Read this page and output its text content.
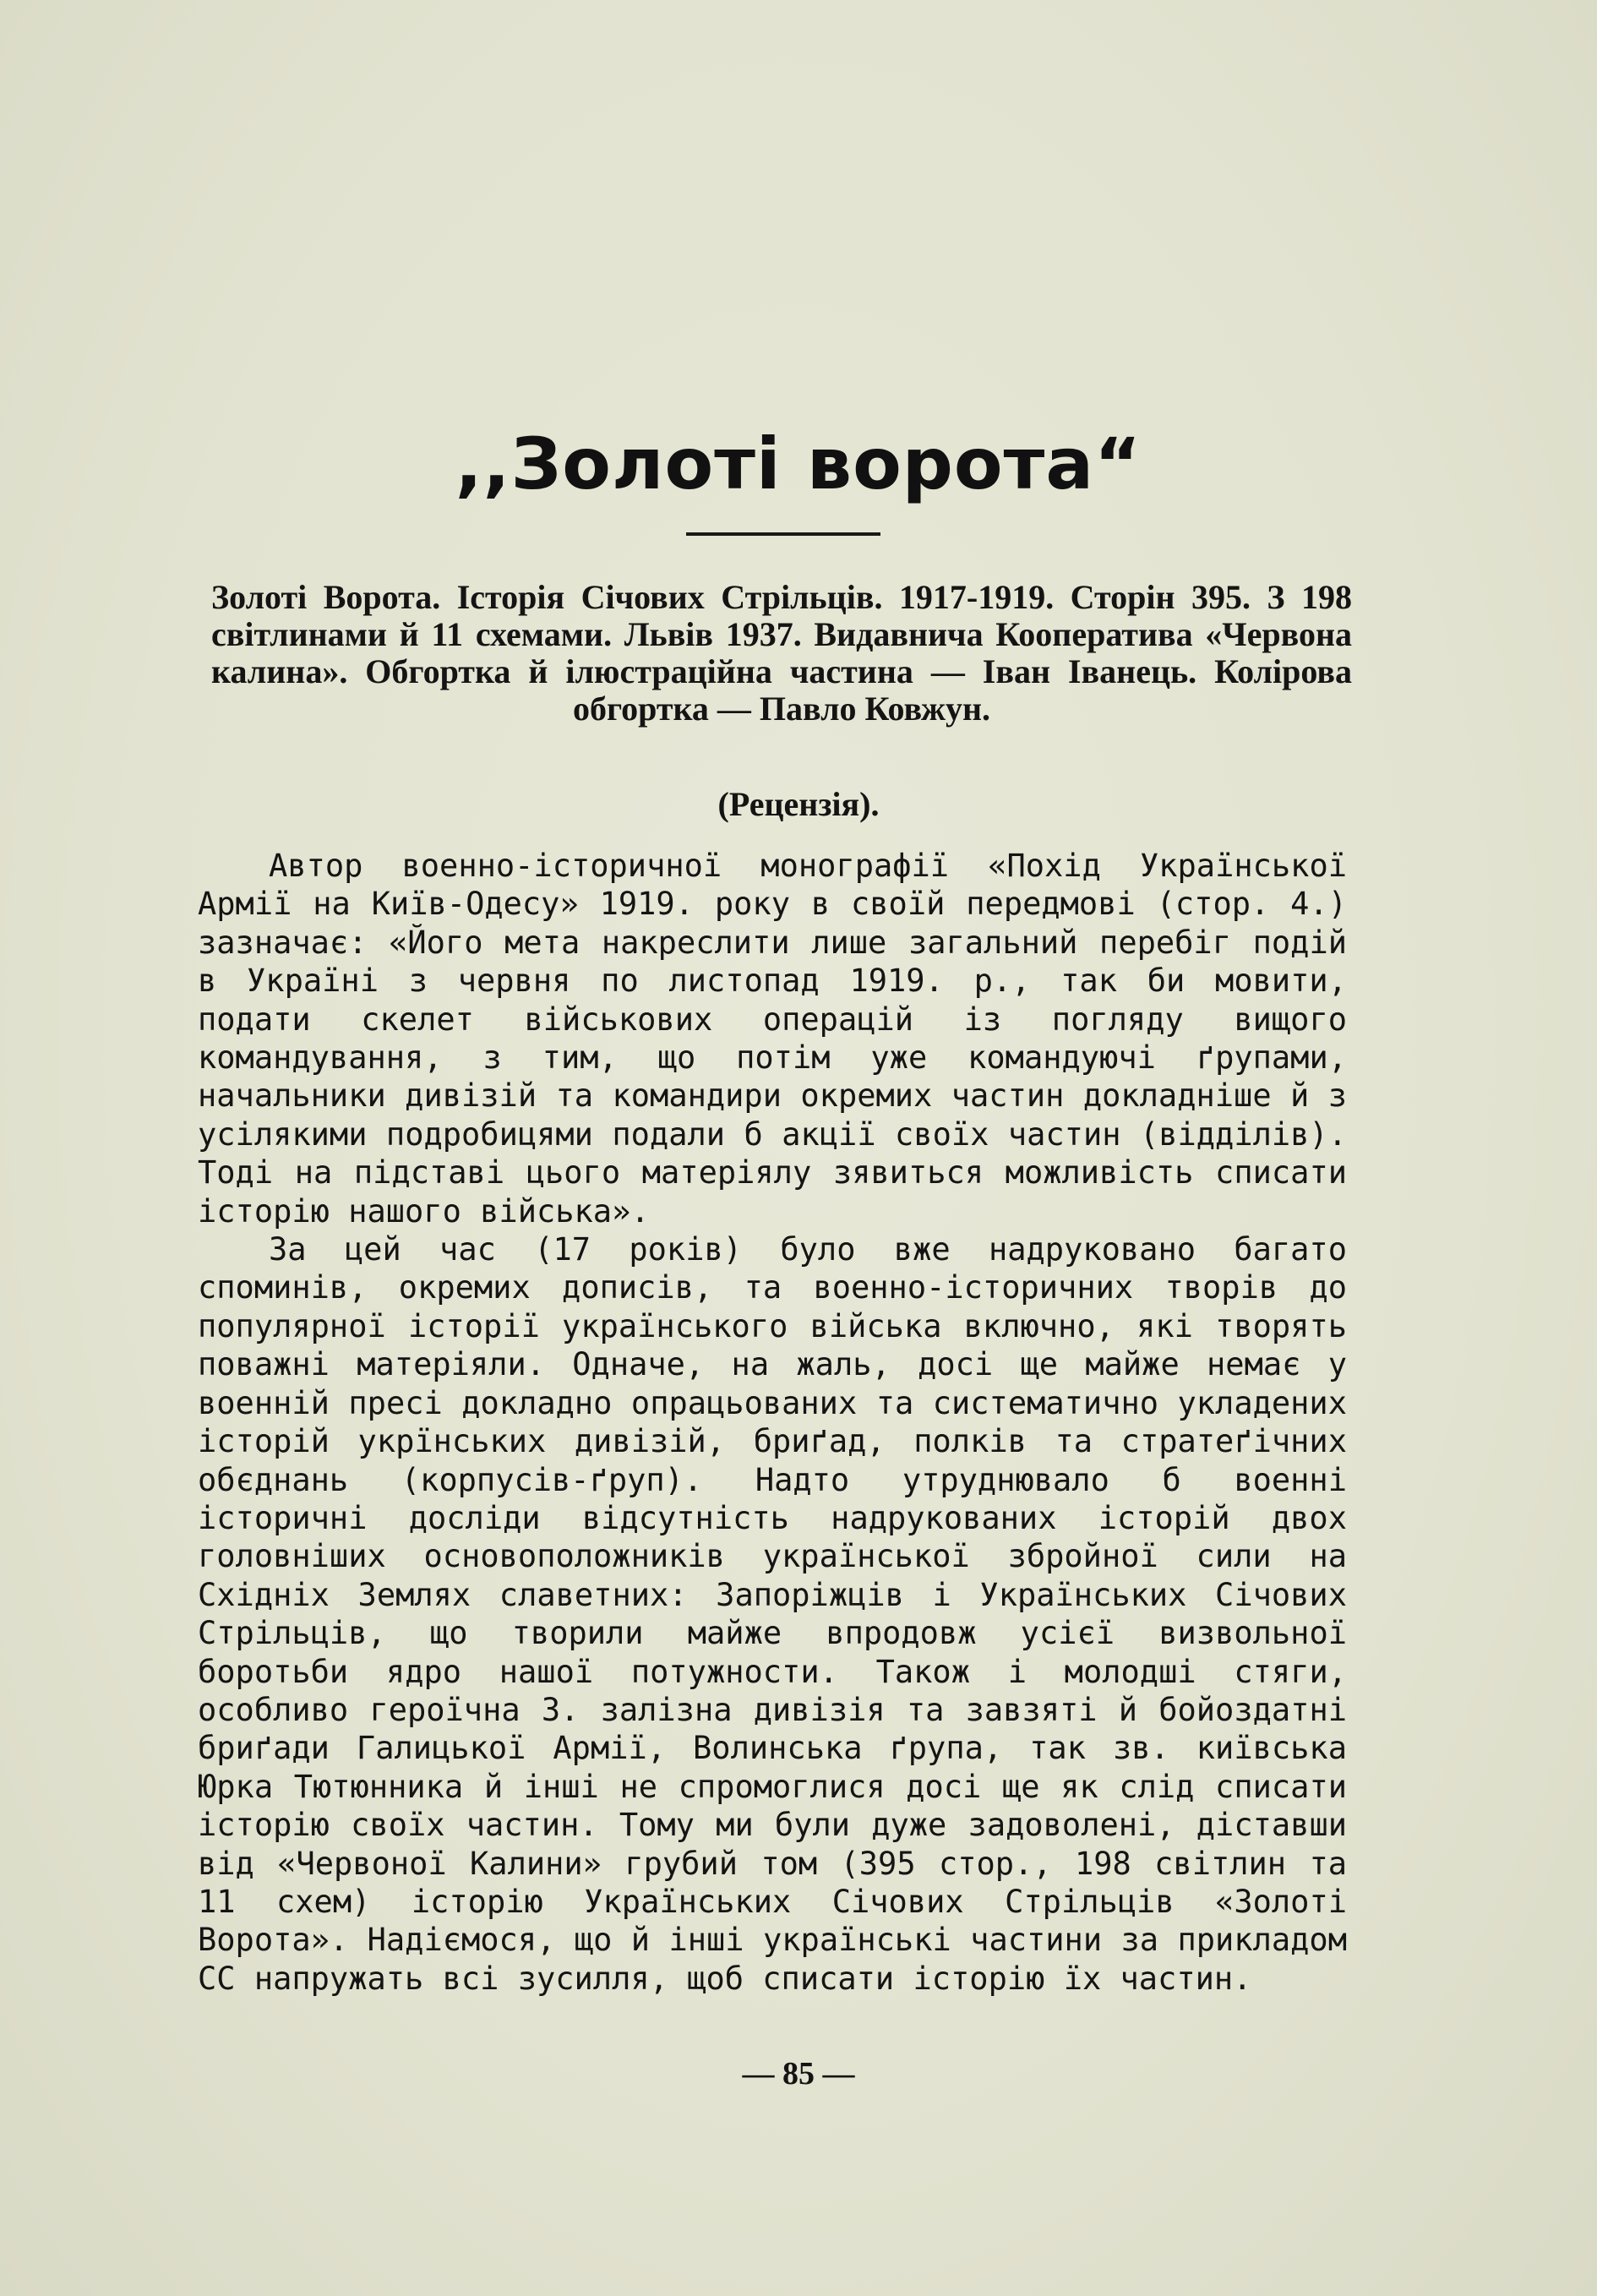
,,Золоті ворота“
Золоті Ворота. Історія Січових Стрільців. 1917-1919. Сторін 395. З 198 світлинами й 11 схемами. Львів 1937. Видавнича Кооператива «Червона калина». Обгортка й ілюстраційна частина — Іван Іванець. Колірова обгортка — Павло Ковжун.
(Рецензія).

Автор военно-історичної монографії «Похід Української Армії на Київ-Одесу» 1919. року в своїй передмові (стор. 4.) зазначає: «Його мета накреслити лише загальний перебіг подій в Україні з червня по листопад 1919. р., так би мовити, подати скелет військових операцій із погляду вищого командування, з тим, що потім уже командуючі ґрупами, начальники дивізій та командири окремих частин докладніше й з усілякими подробицями подали б акції своїх частин (відділів). Тоді на підставі цього матеріялу зявиться можливість списати історію нашого війська».

За цей час (17 років) було вже надруковано багато споминів, окремих дописів, та военно-історичних творів до популярної історії українського війська включно, які творять поважні матеріяли. Одначе, на жаль, досі ще майже немає у военній пресі докладно опрацьованих та систематично укладених історій укрїнських дивізій, бриґад, полків та стратеґічних обєднань (корпусів-ґруп). Надто утруднювало б военні історичні досліди відсутність надрукованих історій двох головніших основоположників української збройної сили на Східніх Землях славетних: Запоріжців і Українських Січових Стрільців, що творили майже впродовж усієї визвольної боротьби ядро нашої потужности. Також і молодші стяги, особливо героїчна 3. залізна дивізія та завзяті й бойоздатні бриґади Галицької Армії, Волинська ґрупа, так зв. київська Юрка Тютюнника й інші не спромоглися досі ще як слід списати історію своїх частин. Тому ми були дуже задоволені, діставши від «Червоної Калини» грубий том (395 стор., 198 світлин та 11 схем) історію Українських Січових Стрільців «Золоті Ворота». Надіємося, що й інші українські частини за прикладом СС напружать всі зусилля, щоб списати історію їх частин.

— 85 —
